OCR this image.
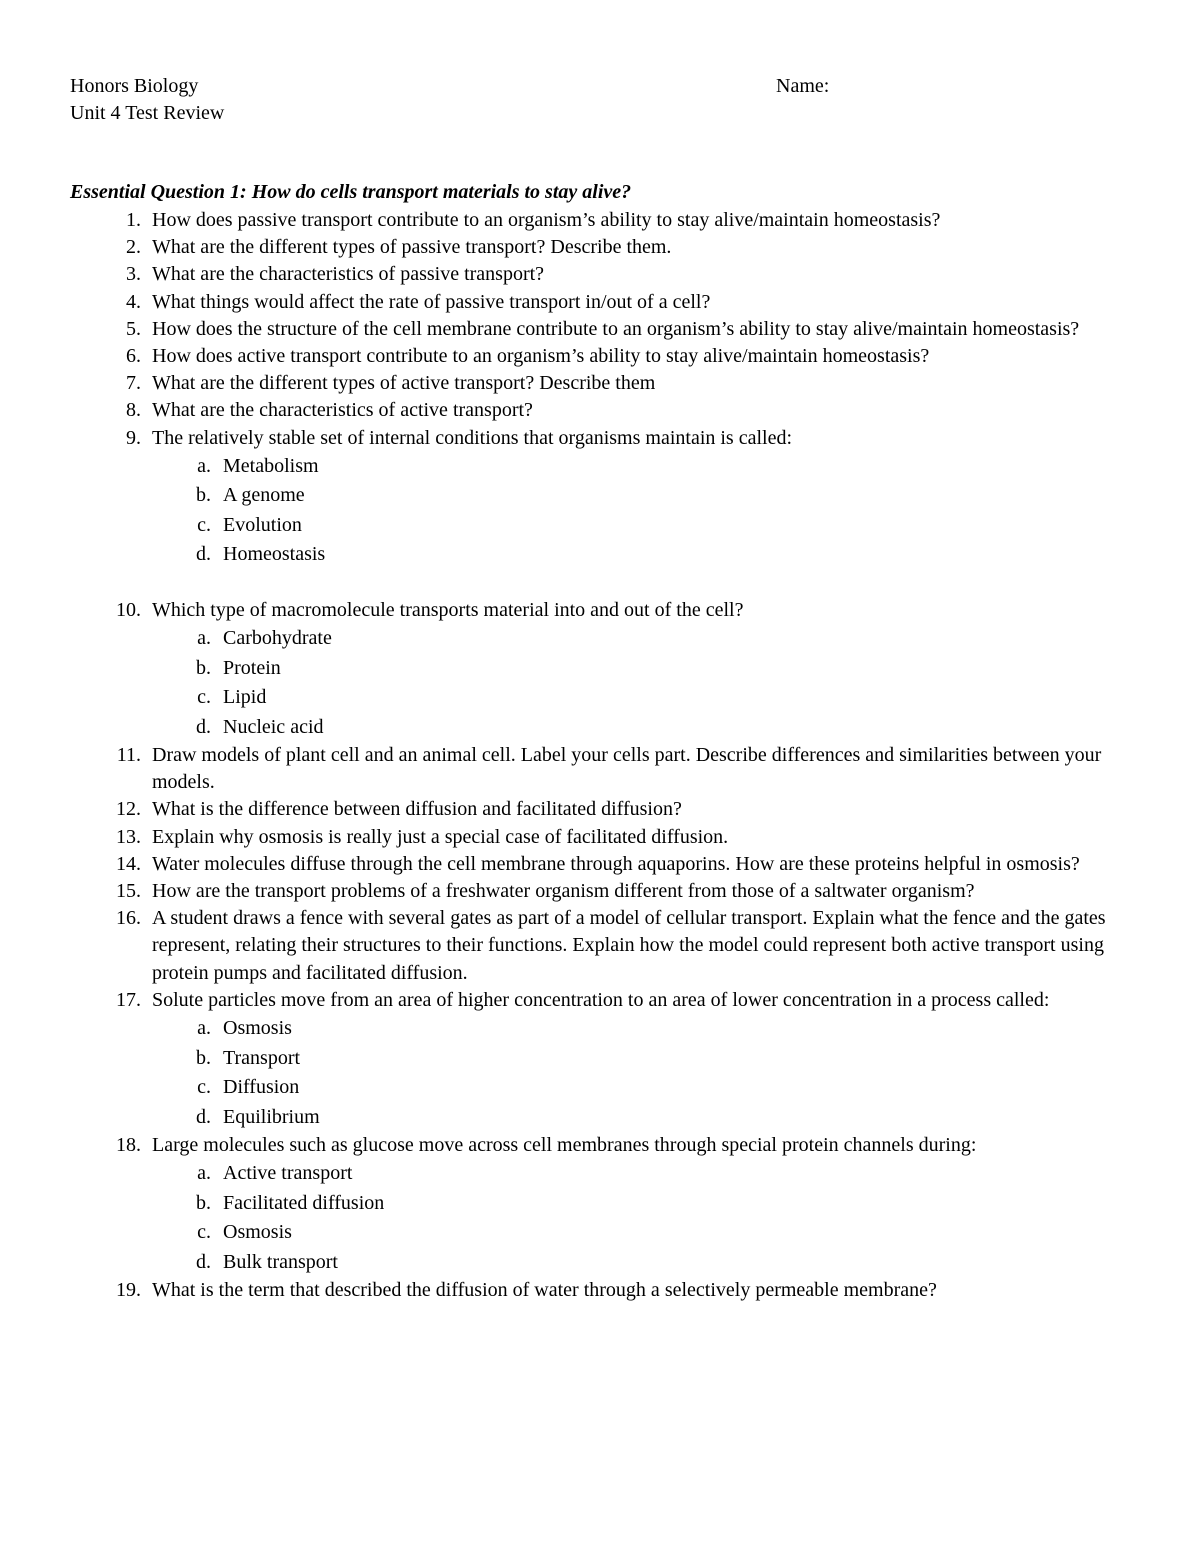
Honors Biology
Unit 4 Test Review
Name:
Essential Question 1: How do cells transport materials to stay alive?
1. How does passive transport contribute to an organism’s ability to stay alive/maintain homeostasis?
2. What are the different types of passive transport? Describe them.
3. What are the characteristics of passive transport?
4. What things would affect the rate of passive transport in/out of a cell?
5. How does the structure of the cell membrane contribute to an organism’s ability to stay alive/maintain homeostasis?
6. How does active transport contribute to an organism’s ability to stay alive/maintain homeostasis?
7. What are the different types of active transport? Describe them
8. What are the characteristics of active transport?
9. The relatively stable set of internal conditions that organisms maintain is called:
a. Metabolism
b. A genome
c. Evolution
d. Homeostasis
10. Which type of macromolecule transports material into and out of the cell?
a. Carbohydrate
b. Protein
c. Lipid
d. Nucleic acid
11. Draw models of plant cell and an animal cell. Label your cells part. Describe differences and similarities between your models.
12. What is the difference between diffusion and facilitated diffusion?
13. Explain why osmosis is really just a special case of facilitated diffusion.
14. Water molecules diffuse through the cell membrane through aquaporins. How are these proteins helpful in osmosis?
15. How are the transport problems of a freshwater organism different from those of a saltwater organism?
16. A student draws a fence with several gates as part of a model of cellular transport. Explain what the fence and the gates represent, relating their structures to their functions. Explain how the model could represent both active transport using protein pumps and facilitated diffusion.
17. Solute particles move from an area of higher concentration to an area of lower concentration in a process called:
a. Osmosis
b. Transport
c. Diffusion
d. Equilibrium
18. Large molecules such as glucose move across cell membranes through special protein channels during:
a. Active transport
b. Facilitated diffusion
c. Osmosis
d. Bulk transport
19. What is the term that described the diffusion of water through a selectively permeable membrane?
